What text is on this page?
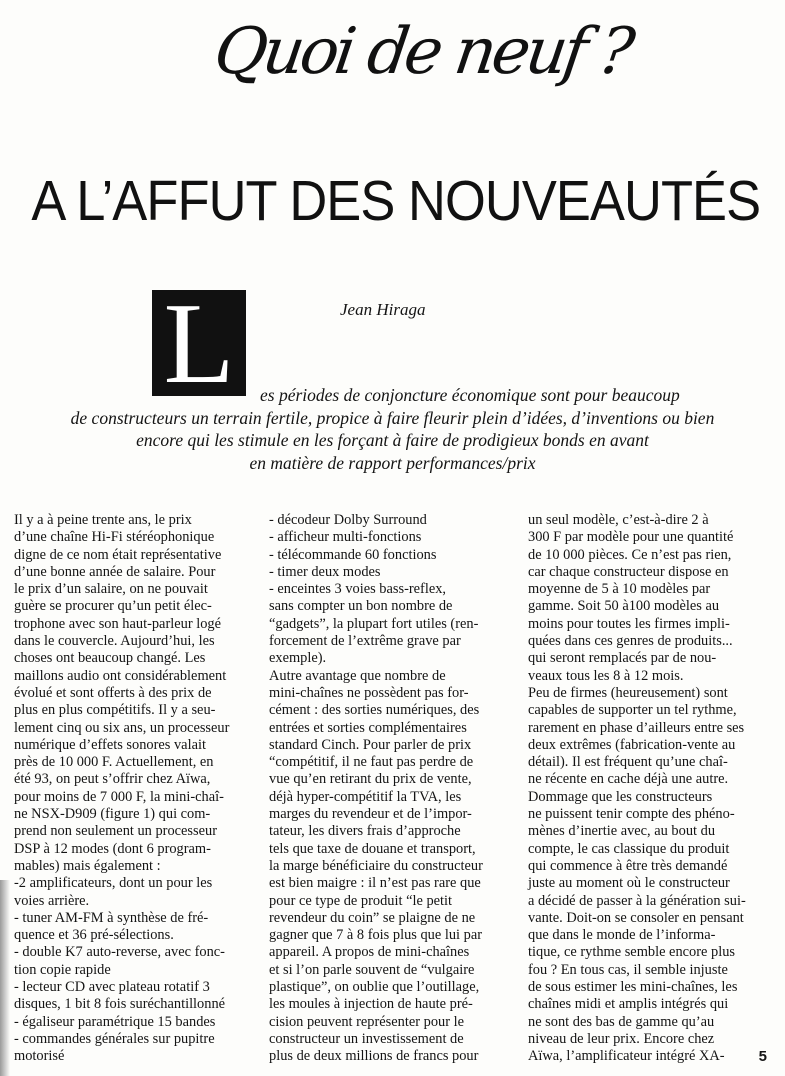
Quoi de neuf ?
A L’AFFUT DES NOUVEAUTÉS
L	Jean Hiraga
es périodes de conjoncture économique sont pour beaucoup
de constructeurs un terrain fertile, propice à faire fleurir plein d’idées, d’inventions ou bien
encore qui les stimule en les forçant à faire de prodigieux bonds en avant
en matière de rapport performances/prix
Il y a à peine trente ans, le prix
d’une chaîne Hi-Fi stéréophonique
digne de ce nom était représentative
d’une bonne année de salaire. Pour
le prix d’un salaire, on ne pouvait
guère se procurer qu’un petit élec-
trophone avec son haut-parleur logé
dans le couvercle. Aujourd’hui, les
choses ont beaucoup changé. Les
maillons audio ont considérablement
évolué et sont offerts à des prix de
plus en plus compétitifs. Il y a seu-
lement cinq ou six ans, un processeur
numérique d’effets sonores valait
près de 10 000 F. Actuellement, en
été 93, on peut s’offrir chez Aïwa,
pour moins de 7 000 F, la mini-chaî-
ne NSX-D909 (figure 1) qui com-
prend non seulement un processeur
DSP à 12 modes (dont 6 program-
mables) mais également :
-2 amplificateurs, dont un pour les
voies arrière.
- tuner AM-FM à synthèse de fré-
quence et 36 pré-sélections.
- double K7 auto-reverse, avec fonc-
tion copie rapide
- lecteur CD avec plateau rotatif 3
disques, 1 bit 8 fois suréchantillonné
- égaliseur paramétrique 15 bandes
- commandes générales sur pupitre
motorisé
- décodeur Dolby Surround
- afficheur multi-fonctions
- télécommande 60 fonctions
- timer deux modes
- enceintes 3 voies bass-reflex,
sans compter un bon nombre de
“gadgets”, la plupart fort utiles (ren-
forcement de l’extrême grave par
exemple).
Autre avantage que nombre de
mini-chaînes ne possèdent pas for-
cément : des sorties numériques, des
entrées et sorties complémentaires
standard Cinch. Pour parler de prix
“compétitif, il ne faut pas perdre de
vue qu’en retirant du prix de vente,
déjà hyper-compétitif la TVA, les
marges du revendeur et de l’impor-
tateur, les divers frais d’approche
tels que taxe de douane et transport,
la marge bénéficiaire du constructeur
est bien maigre : il n’est pas rare que
pour ce type de produit “le petit
revendeur du coin” se plaigne de ne
gagner que 7 à 8 fois plus que lui par
appareil. A propos de mini-chaînes
et si l’on parle souvent de “vulgaire
plastique”, on oublie que l’outillage,
les moules à injection de haute pré-
cision peuvent représenter pour le
constructeur un investissement de
plus de deux millions de francs pour
un seul modèle, c’est-à-dire 2 à
300 F par modèle pour une quantité
de 10 000 pièces. Ce n’est pas rien,
car chaque constructeur dispose en
moyenne de 5 à 10 modèles par
gamme. Soit 50 à100 modèles au
moins pour toutes les firmes impli-
quées dans ces genres de produits...
qui seront remplacés par de nou-
veaux tous les 8 à 12 mois.
Peu de firmes (heureusement) sont
capables de supporter un tel rythme,
rarement en phase d’ailleurs entre ses
deux extrêmes (fabrication-vente au
détail). Il est fréquent qu’une chaî-
ne récente en cache déjà une autre.
Dommage que les constructeurs
ne puissent tenir compte des phéno-
mènes d’inertie avec, au bout du
compte, le cas classique du produit
qui commence à être très demandé
juste au moment où le constructeur
a décidé de passer à la génération sui-
vante. Doit-on se consoler en pensant
que dans le monde de l’informa-
tique, ce rythme semble encore plus
fou ? En tous cas, il semble injuste
de sous estimer les mini-chaînes, les
chaînes midi et amplis intégrés qui
ne sont des bas de gamme qu’au
niveau de leur prix. Encore chez
Aïwa, l’amplificateur intégré XA-	5
